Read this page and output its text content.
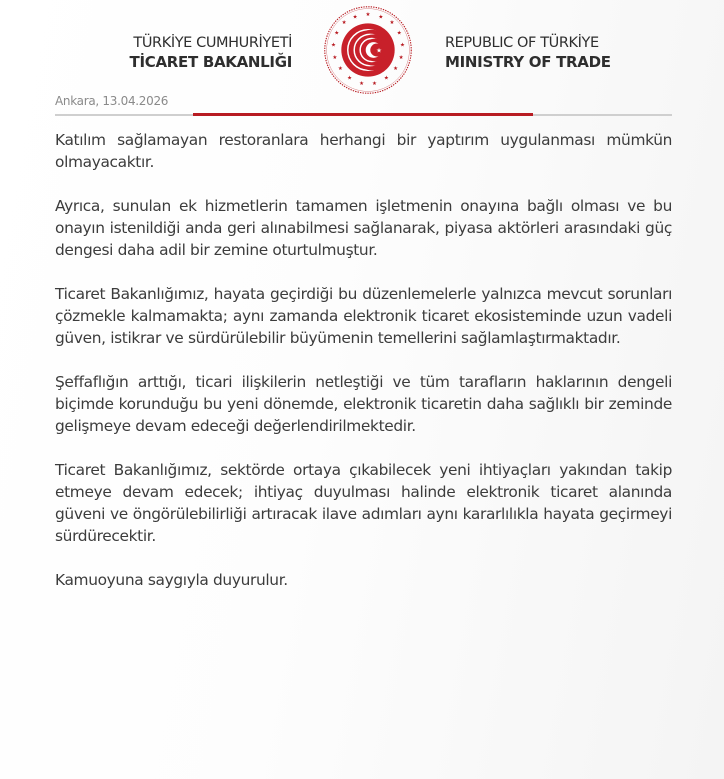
TÜRKİYE CUMHURİYETİ
TİCARET BAKANLIĞI
★ ★
★
★
★
★
★
★
★
★
★
★
★
★
★
★
★
★	REPUBLIC OF TÜRKİYE
MINISTRY OF TRADE
Ankara, 13.04.2026

Katılım sağlamayan restoranlara herhangi bir yaptırım uygulanması mümkün olmayacaktır.

Ayrıca, sunulan ek hizmetlerin tamamen işletmenin onayına bağlı olması ve bu onayın istenildiği anda geri alınabilmesi sağlanarak, piyasa aktörleri arasındaki güç dengesi daha adil bir zemine oturtulmuştur.

Ticaret Bakanlığımız, hayata geçirdiği bu düzenlemelerle yalnızca mevcut sorunları çözmekle kalmamakta; aynı zamanda elektronik ticaret ekosisteminde uzun vadeli güven, istikrar ve sürdürülebilir büyümenin temellerini sağlamlaştırmaktadır.

Şeffaflığın arttığı, ticari ilişkilerin netleştiği ve tüm tarafların haklarının dengeli biçimde korunduğu bu yeni dönemde, elektronik ticaretin daha sağlıklı bir zeminde gelişmeye devam edeceği değerlendirilmektedir.

Ticaret Bakanlığımız, sektörde ortaya çıkabilecek yeni ihtiyaçları yakından takip etmeye devam edecek; ihtiyaç duyulması halinde elektronik ticaret alanında güveni ve öngörülebilirliği artıracak ilave adımları aynı kararlılıkla hayata geçirmeyi sürdürecektir.

Kamuoyuna saygıyla duyurulur.
